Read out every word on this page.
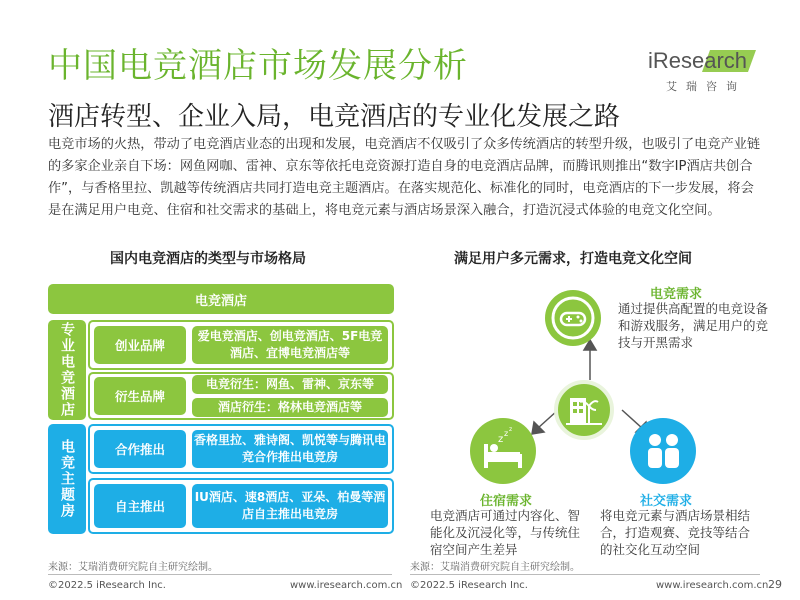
中国电竞酒店市场发展分析
酒店转型、企业入局，电竞酒店的专业化发展之路
iResearch
艾瑞咨询
电竞市场的火热，带动了电竞酒店业态的出现和发展，电竞酒店不仅吸引了众多传统酒店的转型升级，也吸引了电竞产业链的多家企业亲自下场：网鱼网咖、雷神、京东等依托电竞资源打造自身的电竞酒店品牌，而腾讯则推出“数字IP酒店共创合作”，与香格里拉、凯越等传统酒店共同打造电竞主题酒店。在落实规范化、标准化的同时，电竞酒店的下一步发展，将会是在满足用户电竞、住宿和社交需求的基础上，将电竞元素与酒店场景深入融合，打造沉浸式体验的电竞文化空间。
国内电竞酒店的类型与市场格局
电竞酒店
专业电竞酒店
电竞主题房
创业品牌
爱电竞酒店、创电竞酒店、5F电竞酒店、宜博电竞酒店等
衍生品牌
电竞衍生：网鱼、雷神、京东等
酒店衍生：格林电竞酒店等
合作推出
香格里拉、雅诗阁、凯悦等与腾讯电竞合作推出电竞房
自主推出
IU酒店、速8酒店、亚朵、柏曼等酒店自主推出电竞房
来源：艾瑞消费研究院自主研究绘制。
满足用户多元需求，打造电竞文化空间
z
z z
电竞需求
通过提供高配置的电竞设备和游戏服务，满足用户的竞技与开黑需求
住宿需求
电竞酒店可通过内容化、智能化及沉浸化等，与传统住宿空间产生差异
社交需求
将电竞元素与酒店场景相结合，打造观赛、竞技等结合的社交化互动空间
来源：艾瑞消费研究院自主研究绘制。
©2022.5 iResearch Inc.	www.iresearch.com.cn ©2022.5 iResearch Inc.	www.iresearch.com.cn 29
